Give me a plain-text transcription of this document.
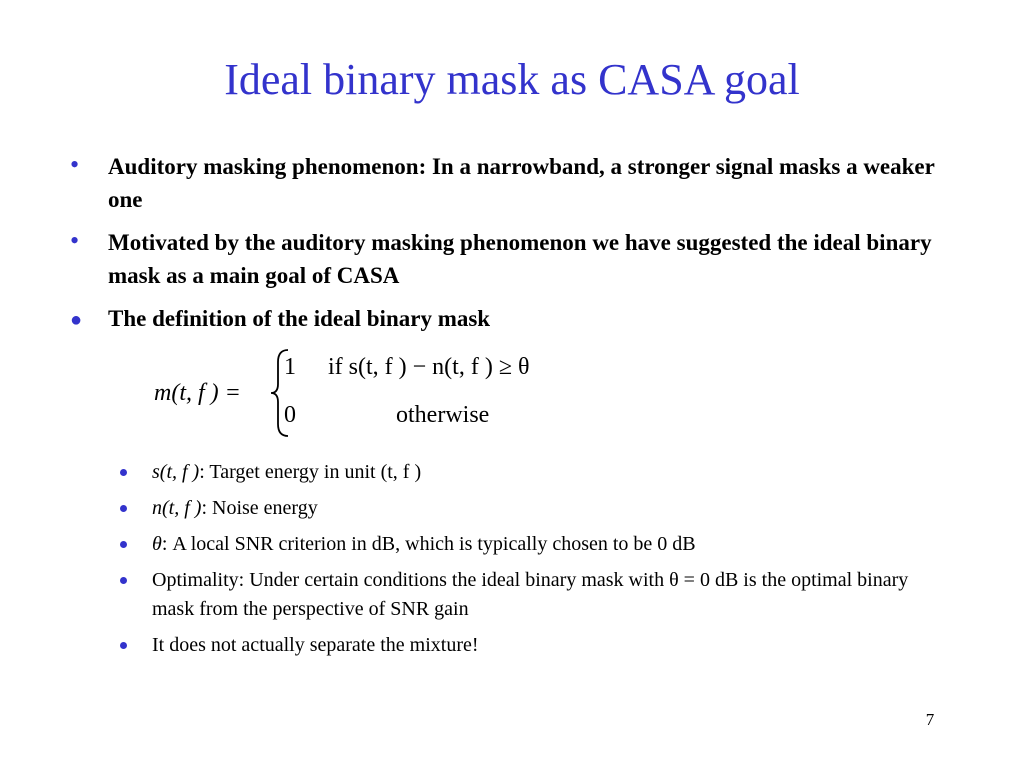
Ideal binary mask as CASA goal
• Auditory masking phenomenon: In a narrowband, a stronger signal masks a weaker one
• Motivated by the auditory masking phenomenon we have suggested the ideal binary mask as a main goal of CASA
● The definition of the ideal binary mask
m(t, f ) =
1 if s(t, f ) − n(t, f ) ≥ θ
0	otherwise
s(t, f ): Target energy in unit (t, f )
n(t, f ): Noise energy
θ: A local SNR criterion in dB, which is typically chosen to be 0 dB
Optimality: Under certain conditions the ideal binary mask with θ = 0 dB is the optimal binary mask from the perspective of SNR gain
It does not actually separate the mixture!
7
